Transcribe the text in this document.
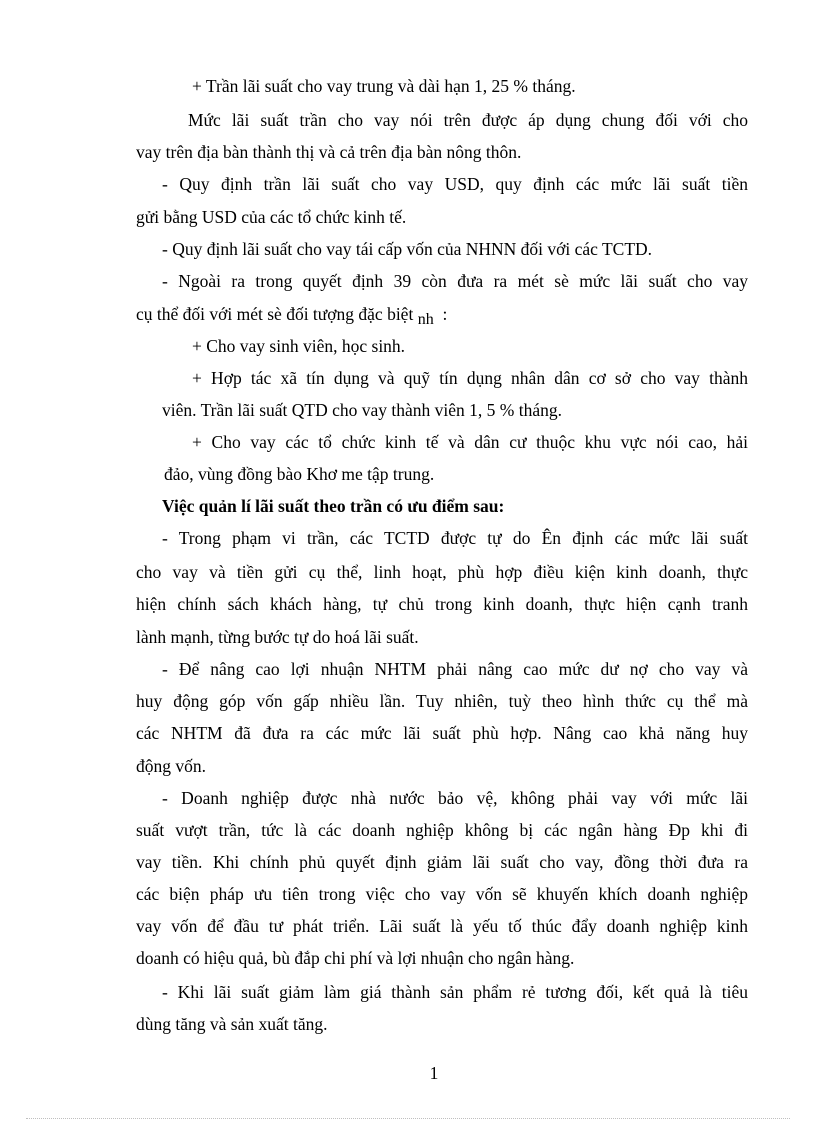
+ Trần lãi suất cho vay trung và dài hạn 1, 25 % tháng.
Mức lãi suất trần cho vay nói trên được áp dụng chung đối với cho
vay trên địa bàn thành thị và cả trên địa bàn nông thôn.
- Quy định trần lãi suất cho vay USD, quy định các mức lãi suất tiền
gửi bằng USD của các tổ chức kinh tế.
- Quy định lãi suất cho vay tái cấp vốn của NHNN đối với các TCTD.
- Ngoài ra trong quyết định 39 còn đưa ra mét sè mức lãi suất cho vay
cụ thể đối với mét sè đối tượng đặc biệt nh :
+ Cho vay sinh viên, học sinh.
+ Hợp tác xã tín dụng và quỹ tín dụng nhân dân cơ sở cho vay thành
viên. Trần lãi suất QTD cho vay thành viên 1, 5 % tháng.
+ Cho vay các tổ chức kinh tế và dân cư thuộc khu vực nói cao, hải
đảo, vùng đồng bào Khơ me tập trung.
Việc quản lí lãi suất theo trần có ưu điểm sau:
- Trong phạm vi trần, các TCTD được tự do Ên định các mức lãi suất
cho vay và tiền gửi cụ thể, linh hoạt, phù hợp điều kiện kinh doanh, thực
hiện chính sách khách hàng, tự chủ trong kinh doanh, thực hiện cạnh tranh
lành mạnh, từng bước tự do hoá lãi suất.
- Để nâng cao lợi nhuận NHTM phải nâng cao mức dư nợ cho vay và
huy động góp vốn gấp nhiều lần. Tuy nhiên, tuỳ theo hình thức cụ thể mà
các NHTM đã đưa ra các mức lãi suất phù hợp. Nâng cao khả năng huy
động vốn.
- Doanh nghiệp được nhà nước bảo vệ, không phải vay với mức lãi
suất vượt trần, tức là các doanh nghiệp không bị các ngân hàng Ðp khi đi
vay tiền. Khi chính phủ quyết định giảm lãi suất cho vay, đồng thời đưa ra
các biện pháp ưu tiên trong việc cho vay vốn sẽ khuyến khích doanh nghiệp
vay vốn để đầu tư phát triển. Lãi suất là yếu tố thúc đẩy doanh nghiệp kinh
doanh có hiệu quả, bù đắp chi phí và lợi nhuận cho ngân hàng.
- Khi lãi suất giảm làm giá thành sản phẩm rẻ tương đối, kết quả là tiêu
dùng tăng và sản xuất tăng.
1
